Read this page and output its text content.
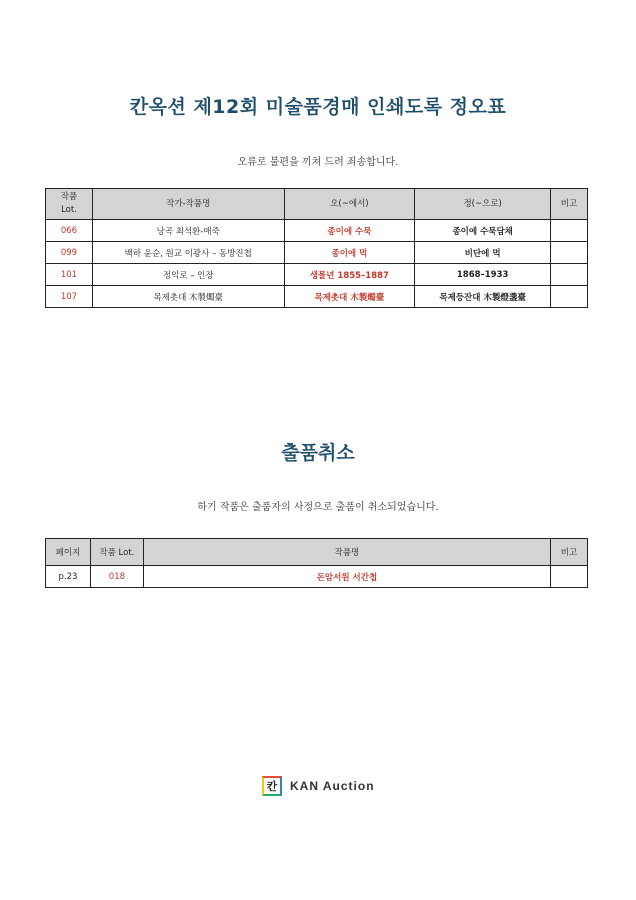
칸옥션 제12회 미술품경매 인쇄도록 정오표
오류로 불편을 끼쳐 드려 죄송합니다.
작품 Lot.	작가-작품명	오(~에서)	정(~으로)	비고
066	낭곡 최석환-매죽	종이에 수묵	종이에 수묵담채	
099	백하 윤순, 원교 이광사 – 동방진첩	종이에 먹	비단에 먹	
101	정익로 – 인장	생몰년 1855–1887	1868–1933	
107	목제촛대 木製燭臺	목제촛대 木製燭臺	목제등잔대 木製燈盞臺	
출품취소
하기 작품은 출품자의 사정으로 출품이 취소되었습니다.
페이지	작품 Lot.	작품명	비고
p.23	018	돈암서원 서간첩	
칸	KAN Auction
